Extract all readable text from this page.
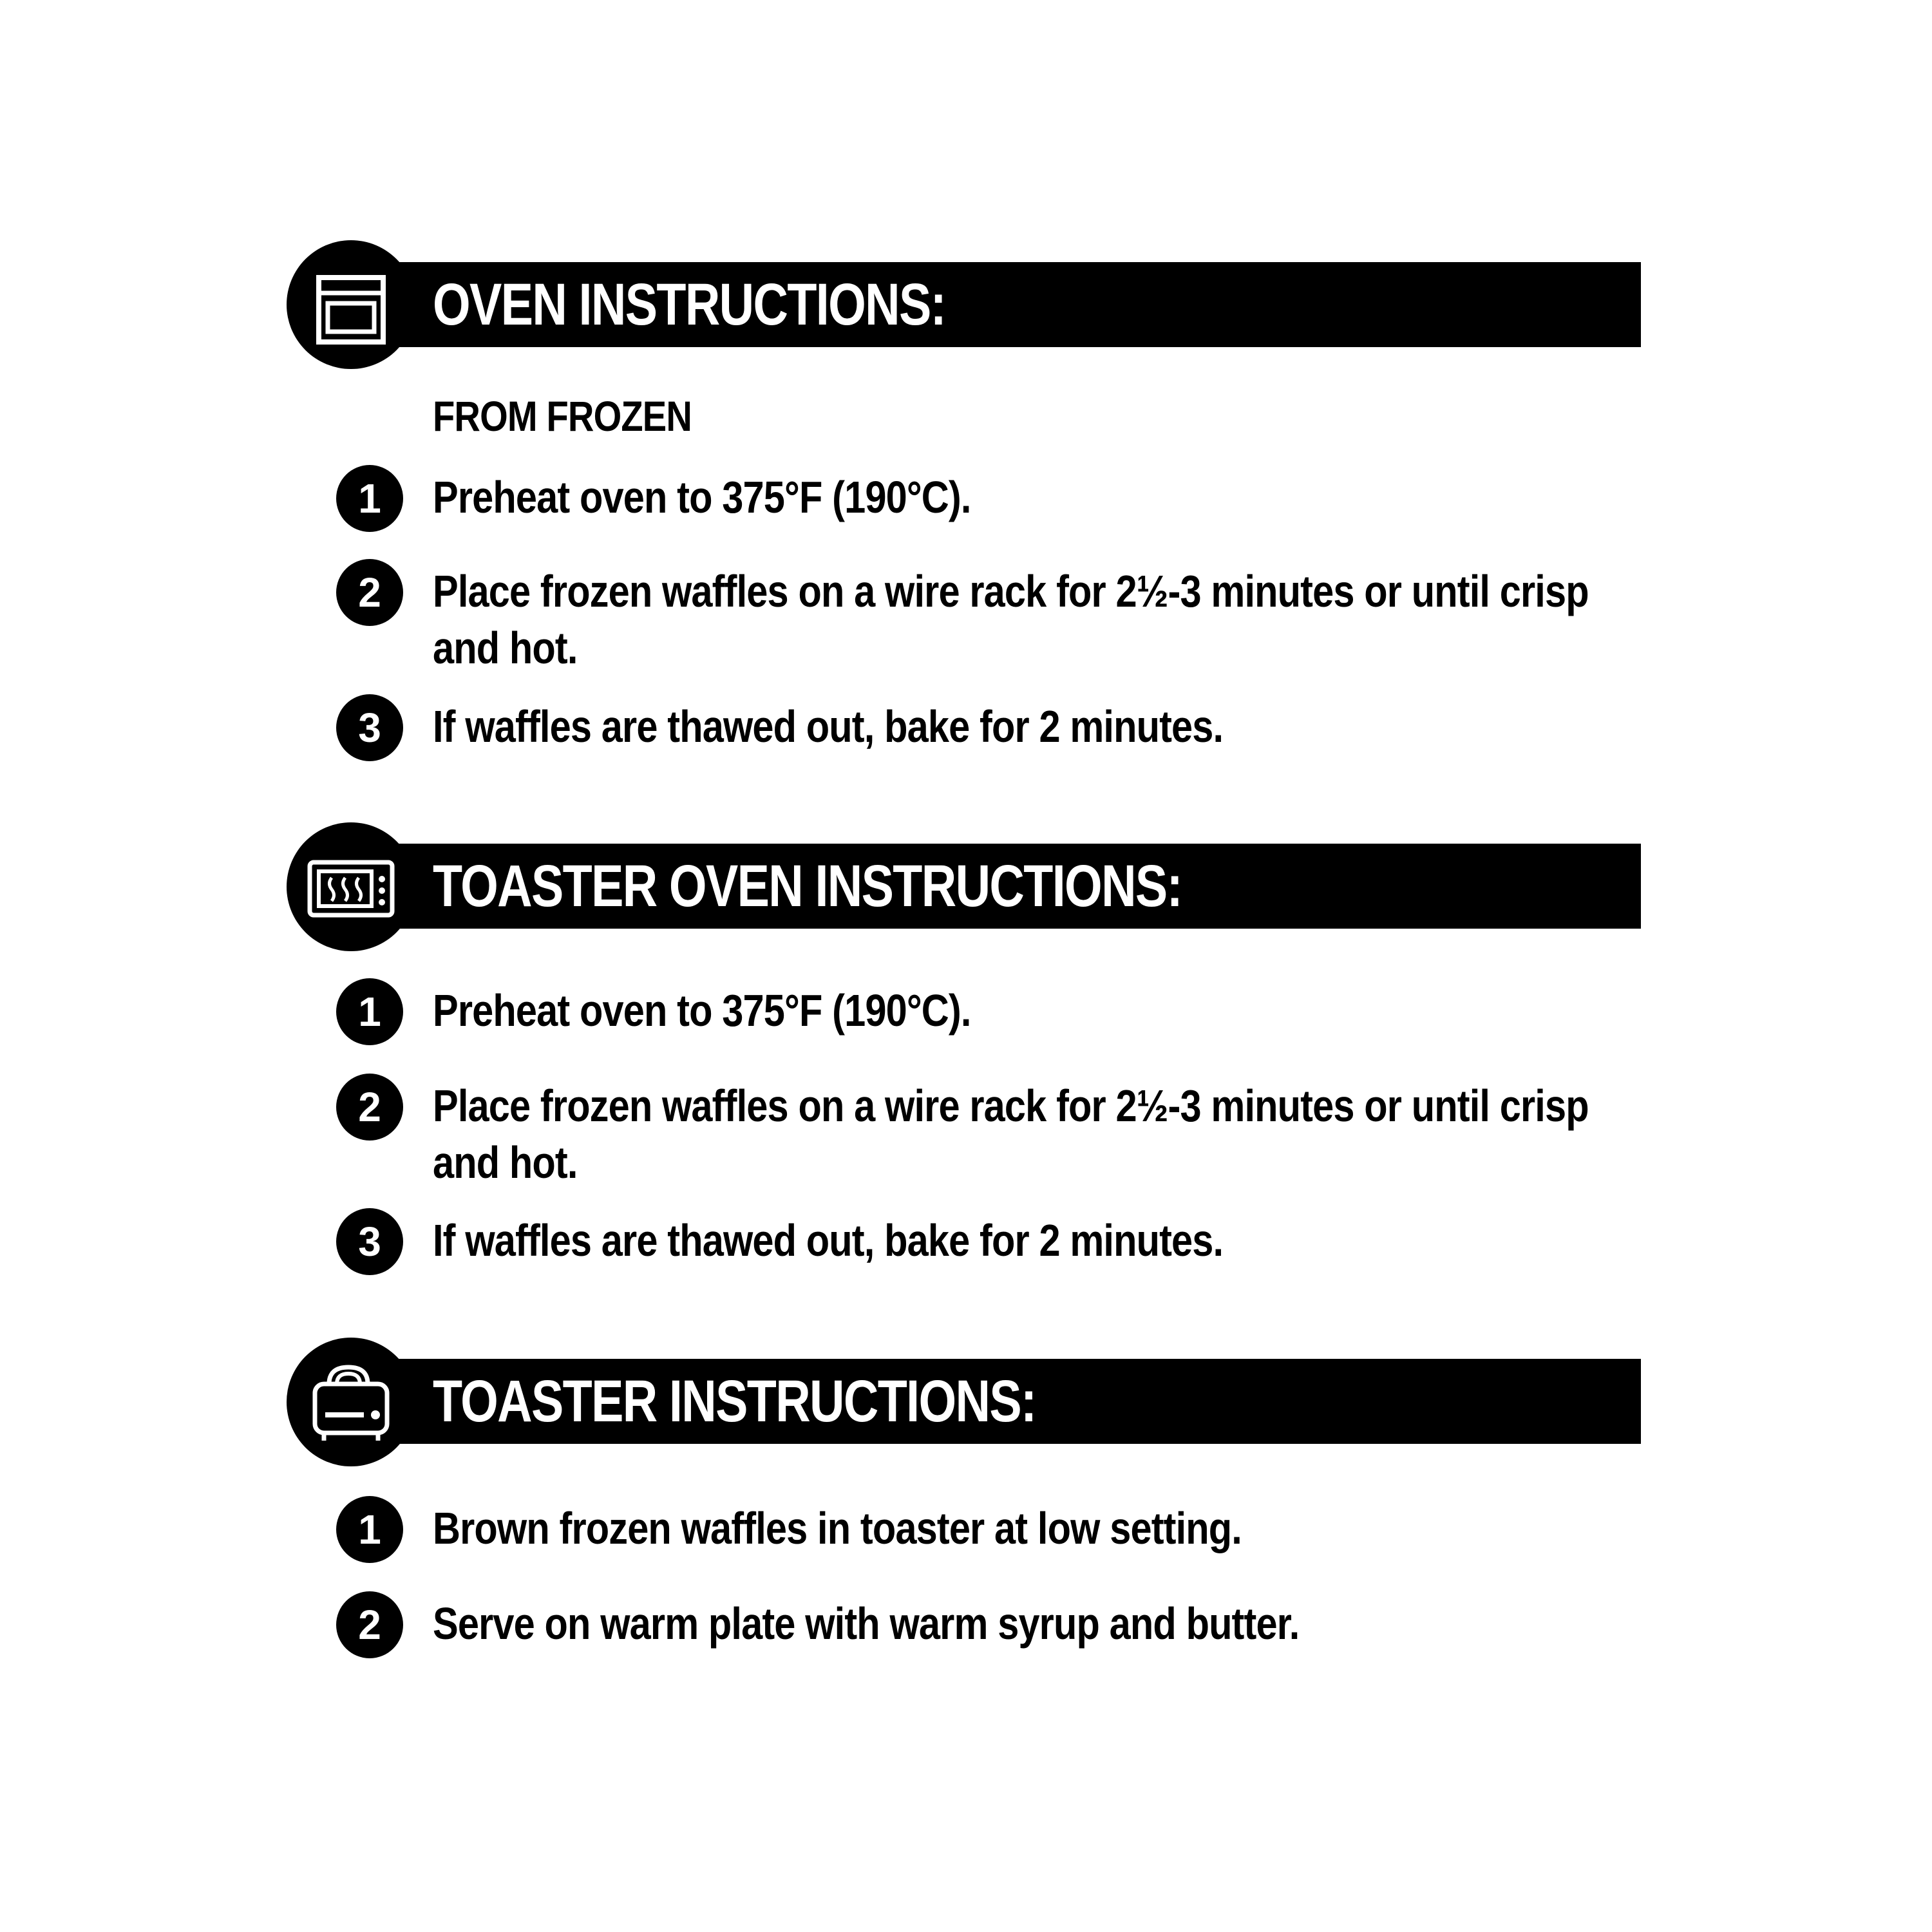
OVEN INSTRUCTIONS:
FROM FROZEN
1	Preheat oven to 375°F (190°C).
2	Place frozen waffles on a wire rack for 2½-3 minutes or until crisp and hot.
3	If waffles are thawed out, bake for 2 minutes.
TOASTER OVEN INSTRUCTIONS:
1	Preheat oven to 375°F (190°C).
2	Place frozen waffles on a wire rack for 2½-3 minutes or until crisp and hot.
3	If waffles are thawed out, bake for 2 minutes.
TOASTER INSTRUCTIONS:
1	Brown frozen waffles in toaster at low setting.
2	Serve on warm plate with warm syrup and butter.
